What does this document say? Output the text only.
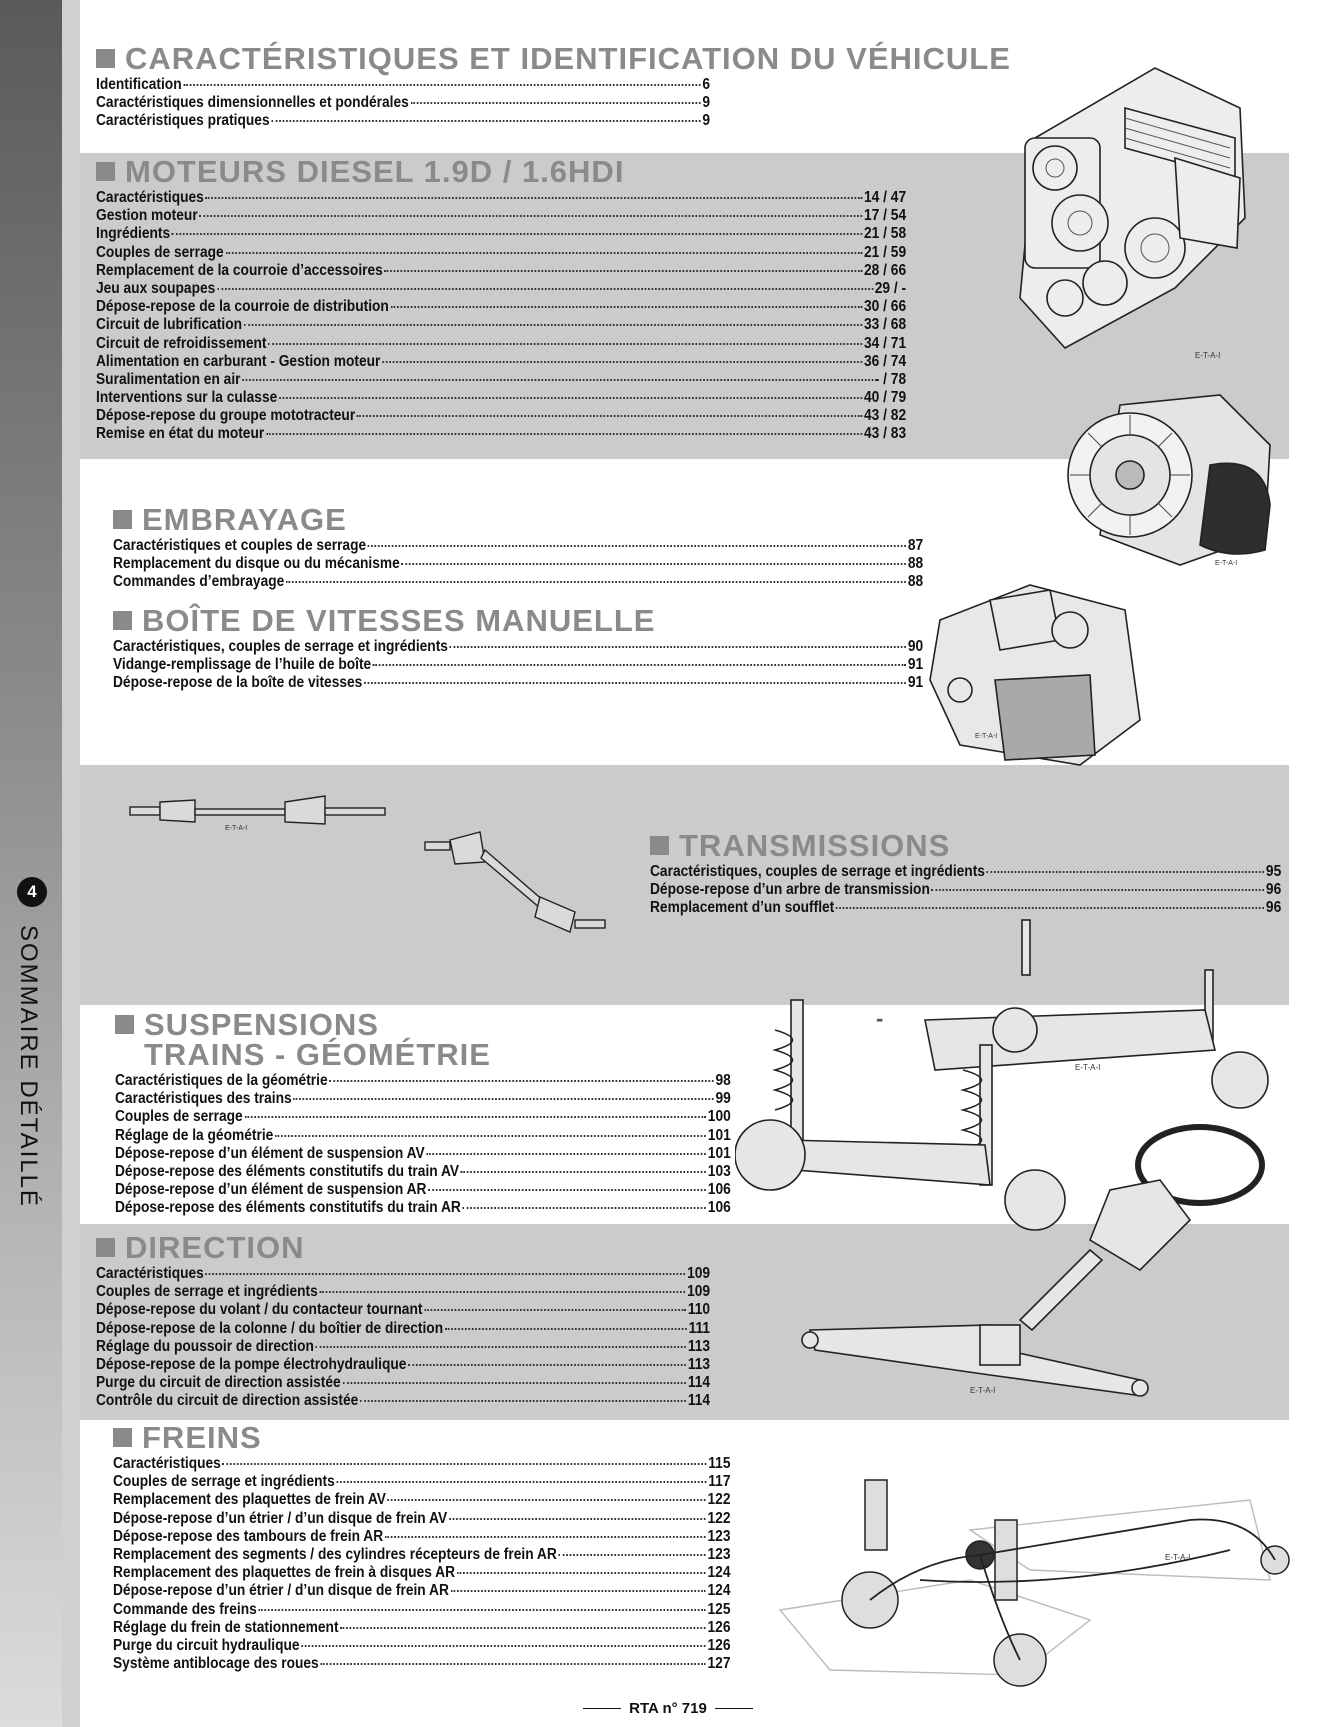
4
SOMMAIRE DÉTAILLÉ
E-T-A-I
E-T-A-I
E-T-A-I
E-T-A-I
E-T-A-I
E-T-A-I
E-T-A-I
-
CARACTÉRISTIQUES ET IDENTIFICATION DU VÉHICULE
Identification	6
Caractéristiques dimensionnelles et pondérales	9
Caractéristiques pratiques	9
MOTEURS DIESEL 1.9D / 1.6HDI
Caractéristiques	14 / 47
Gestion moteur	17 / 54
Ingrédients	21 / 58
Couples de serrage	21 / 59
Remplacement de la courroie d’accessoires	28 / 66
Jeu aux soupapes	29 / -
Dépose-repose de la courroie de distribution	30 / 66
Circuit de lubrification	33 / 68
Circuit de refroidissement	34 / 71
Alimentation en carburant - Gestion moteur	36 / 74
Suralimentation en air	- / 78
Interventions sur la culasse	40 / 79
Dépose-repose du groupe mototracteur	43 / 82
Remise en état du moteur	43 / 83
EMBRAYAGE
Caractéristiques et couples de serrage	87
Remplacement du disque ou du mécanisme	88
Commandes d’embrayage	88
BOÎTE DE VITESSES MANUELLE
Caractéristiques, couples de serrage et ingrédients	90
Vidange-remplissage de l’huile de boîte	91
Dépose-repose de la boîte de vitesses	91
TRANSMISSIONS
Caractéristiques, couples de serrage et ingrédients	95
Dépose-repose d’un arbre de transmission	96
Remplacement d’un soufflet	96
SUSPENSIONS
TRAINS - GÉOMÉTRIE
Caractéristiques de la géométrie	98
Caractéristiques des trains	99
Couples de serrage	100
Réglage de la géométrie	101
Dépose-repose d’un élément de suspension AV	101
Dépose-repose des éléments constitutifs du train AV	103
Dépose-repose d’un élément de suspension AR	106
Dépose-repose des éléments constitutifs du train AR	106
DIRECTION
Caractéristiques	109
Couples de serrage et ingrédients	109
Dépose-repose du volant / du contacteur tournant	110
Dépose-repose de la colonne / du boîtier de direction	111
Réglage du poussoir de direction	113
Dépose-repose de la pompe électrohydraulique	113
Purge du circuit de direction assistée	114
Contrôle du circuit de direction assistée	114
FREINS
Caractéristiques	115
Couples de serrage et ingrédients	117
Remplacement des plaquettes de frein AV	122
Dépose-repose d’un étrier / d’un disque de frein AV	122
Dépose-repose des tambours de frein AR	123
Remplacement des segments / des cylindres récepteurs de frein AR	123
Remplacement des plaquettes de frein à disques AR	124
Dépose-repose d’un étrier / d’un disque de frein AR	124
Commande des freins	125
Réglage du frein de stationnement	126
Purge du circuit hydraulique	126
Système antiblocage des roues	127
RTA n° 719
